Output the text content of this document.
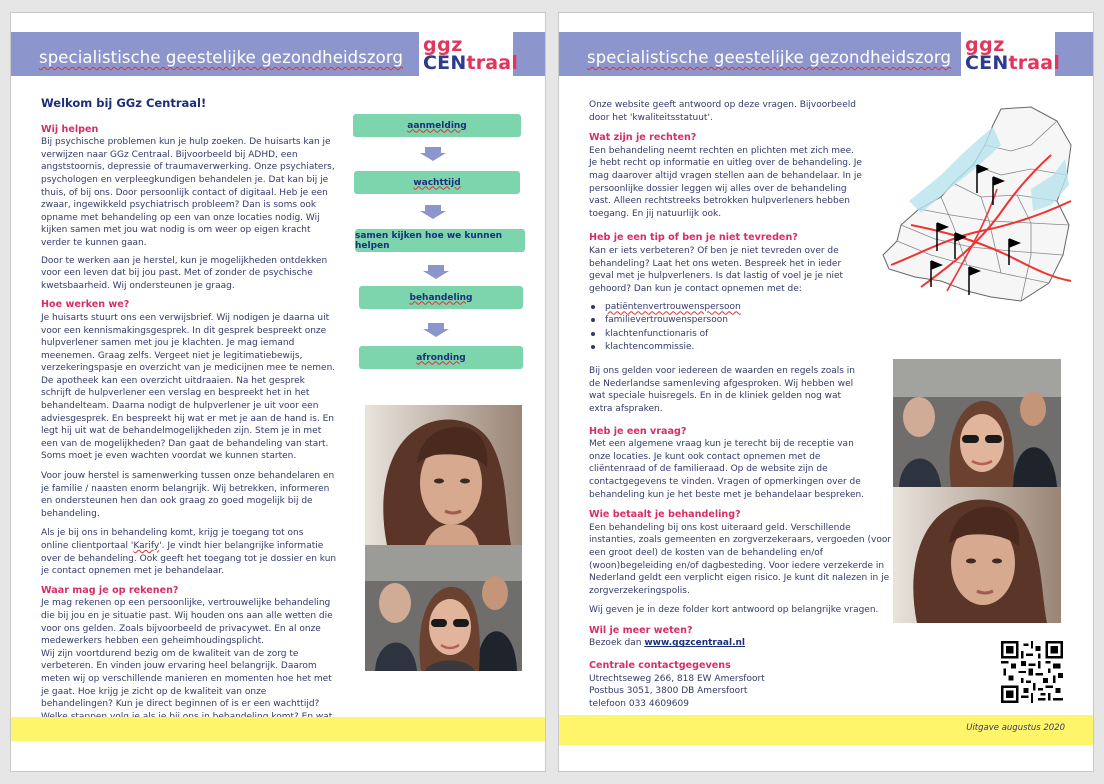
specialistische geestelijke gezondheidszorg
ggz
CENtraal
Welkom bij GGz Centraal!
Wij helpen

Bij psychische problemen kun je hulp zoeken. De huisarts kan je verwijzen naar GGz Centraal. Bijvoorbeeld bij ADHD, een angststoornis, depressie of traumaverwerking. Onze psychiaters, psychologen en verpleegkundigen behandelen je. Dat kan bij je thuis, of bij ons. Door persoonlijk contact of digitaal. Heb je een zwaar, ingewikkeld psychiatrisch probleem? Dan is soms ook opname met behandeling op een van onze locaties nodig. Wij kijken samen met jou wat nodig is om weer op eigen kracht verder te kunnen gaan.

Door te werken aan je herstel, kun je mogelijkheden ontdekken voor een leven dat bij jou past. Met of zonder de psychische kwetsbaarheid. Wij ondersteunen je graag.

Hoe werken we?

Je huisarts stuurt ons een verwijsbrief. Wij nodigen je daarna uit voor een kennismakingsgesprek. In dit gesprek bespreekt onze hulpverlener samen met jou je klachten. Je mag iemand meenemen. Graag zelfs. Vergeet niet je legitimatiebewijs, verzekeringspasje en overzicht van je medicijnen mee te nemen. De apotheek kan een overzicht uitdraaien. Na het gesprek schrijft de hulpverlener een verslag en bespreekt het in het behandelteam. Daarna nodigt de hulpverlener je uit voor een adviesgesprek. En bespreekt hij wat er met je aan de hand is. En legt hij uit wat de behandelmogelijkheden zijn. Stem je in met een van de mogelijkheden? Dan gaat de behandeling van start. Soms moet je even wachten voordat we kunnen starten.

Voor jouw herstel is samenwerking tussen onze behandelaren en je familie / naasten enorm belangrijk. Wij betrekken, informeren en ondersteunen hen dan ook graag zo goed mogelijk bij de behandeling.

Als je bij ons in behandeling komt, krijg je toegang tot ons
online clientportaal 'Karify'. Je vindt hier belangrijke informatie over de behandeling. Ook geeft het toegang tot je dossier en kun je contact opnemen met je behandelaar.

Waar mag je op rekenen?

Je mag rekenen op een persoonlijke, vertrouwelijke behandeling die bij jou en je situatie past. Wij houden ons aan alle wetten die voor ons gelden. Zoals bijvoorbeeld de privacywet. En al onze medewerkers hebben een geheimhoudingsplicht.

Wij zijn voortdurend bezig om de kwaliteit van de zorg te verbeteren. En vinden jouw ervaring heel belangrijk. Daarom meten wij op verschillende manieren en momenten hoe het met je gaat. Hoe krijg je zicht op de kwaliteit van onze behandelingen? Kun je direct beginnen of is er een wachttijd?

aanmelding
wachttijd
samen kijken hoe we kunnen helpen
behandeling
afronding
specialistische geestelijke gezondheidszorg
ggz
CENtraal

Onze website geeft antwoord op deze vragen. Bijvoorbeeld door het 'kwaliteitsstatuut'.

Wat zijn je rechten?

Een behandeling neemt rechten en plichten met zich mee. Je hebt recht op informatie en uitleg over de behandeling. Je mag daarover altijd vragen stellen aan de behandelaar. In je persoonlijke dossier leggen wij alles over de behandeling vast. Alleen rechtstreeks betrokken hulpverleners hebben toegang. En jij natuurlijk ook.

Heb je een tip of ben je niet tevreden?

Kan er iets verbeteren? Of ben je niet tevreden over de behandeling? Laat het ons weten. Bespreek het in ieder geval met je hulpverleners. Is dat lastig of voel je je niet gehoord? Dan kun je contact opnemen met de:

patiëntenvertrouwenspersoon
familievertrouwenspersoon
klachtenfunctionaris of
klachtencommissie.

Bij ons gelden voor iedereen de waarden en regels zoals in de Nederlandse samenleving afgesproken. Wij hebben wel wat speciale huisregels. En in de kliniek gelden nog wat extra afspraken.

Heb je een vraag?

Met een algemene vraag kun je terecht bij de receptie van onze locaties. Je kunt ook contact opnemen met de cliëntenraad of de familieraad. Op de website zijn de contactgegevens te vinden. Vragen of opmerkingen over de behandeling kun je het beste met je behandelaar bespreken.

Wie betaalt je behandeling?

Een behandeling bij ons kost uiteraard geld. Verschillende instanties, zoals gemeenten en zorgverzekeraars, vergoeden (voor een groot deel) de kosten van de behandeling en/of (woon)begeleiding en/of dagbesteding. Voor iedere verzekerde in Nederland geldt een verplicht eigen risico. Je kunt dit nalezen in je zorgverzekeringspolis.

Wij geven je in deze folder kort antwoord op belangrijke vragen.

Wil je meer weten?

Bezoek dan www.ggzcentraal.nl

Centrale contactgegevens
Utrechtseweg 266, 818 EW Amersfoort
Postbus 3051, 3800 DB Amersfoort
telefoon 033 4609609
Uitgave augustus 2020
